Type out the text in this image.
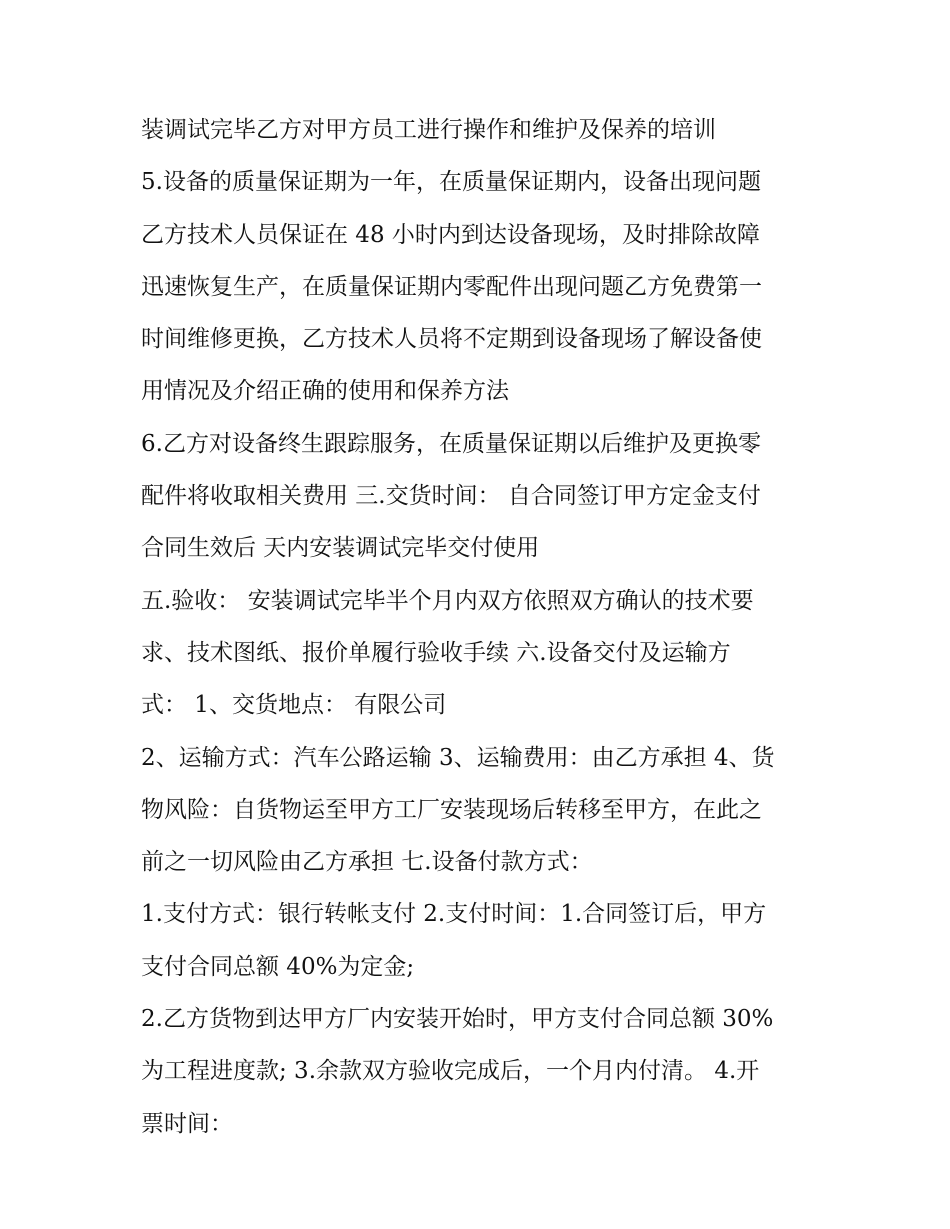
装调试完毕乙方对甲方员工进行操作和维护及保养的培训
5.设备的质量保证期为一年，在质量保证期内，设备出现问题
乙方技术人员保证在 48 小时内到达设备现场，及时排除故障
迅速恢复生产，在质量保证期内零配件出现问题乙方免费第一
时间维修更换，乙方技术人员将不定期到设备现场了解设备使
用情况及介绍正确的使用和保养方法
6.乙方对设备终生跟踪服务，在质量保证期以后维护及更换零
配件将收取相关费用 三.交货时间： 自合同签订甲方定金支付
合同生效后 天内安装调试完毕交付使用
五.验收： 安装调试完毕半个月内双方依照双方确认的技术要
求、技术图纸、报价单履行验收手续 六.设备交付及运输方
式： 1、交货地点： 有限公司
2、运输方式：汽车公路运输 3、运输费用：由乙方承担 4、货
物风险：自货物运至甲方工厂安装现场后转移至甲方，在此之
前之一切风险由乙方承担 七.设备付款方式：
1.支付方式：银行转帐支付 2.支付时间：1.合同签订后，甲方
支付合同总额 40%为定金;
2.乙方货物到达甲方厂内安装开始时，甲方支付合同总额 30%
为工程进度款; 3.余款双方验收完成后，一个月内付清。 4.开
票时间：
